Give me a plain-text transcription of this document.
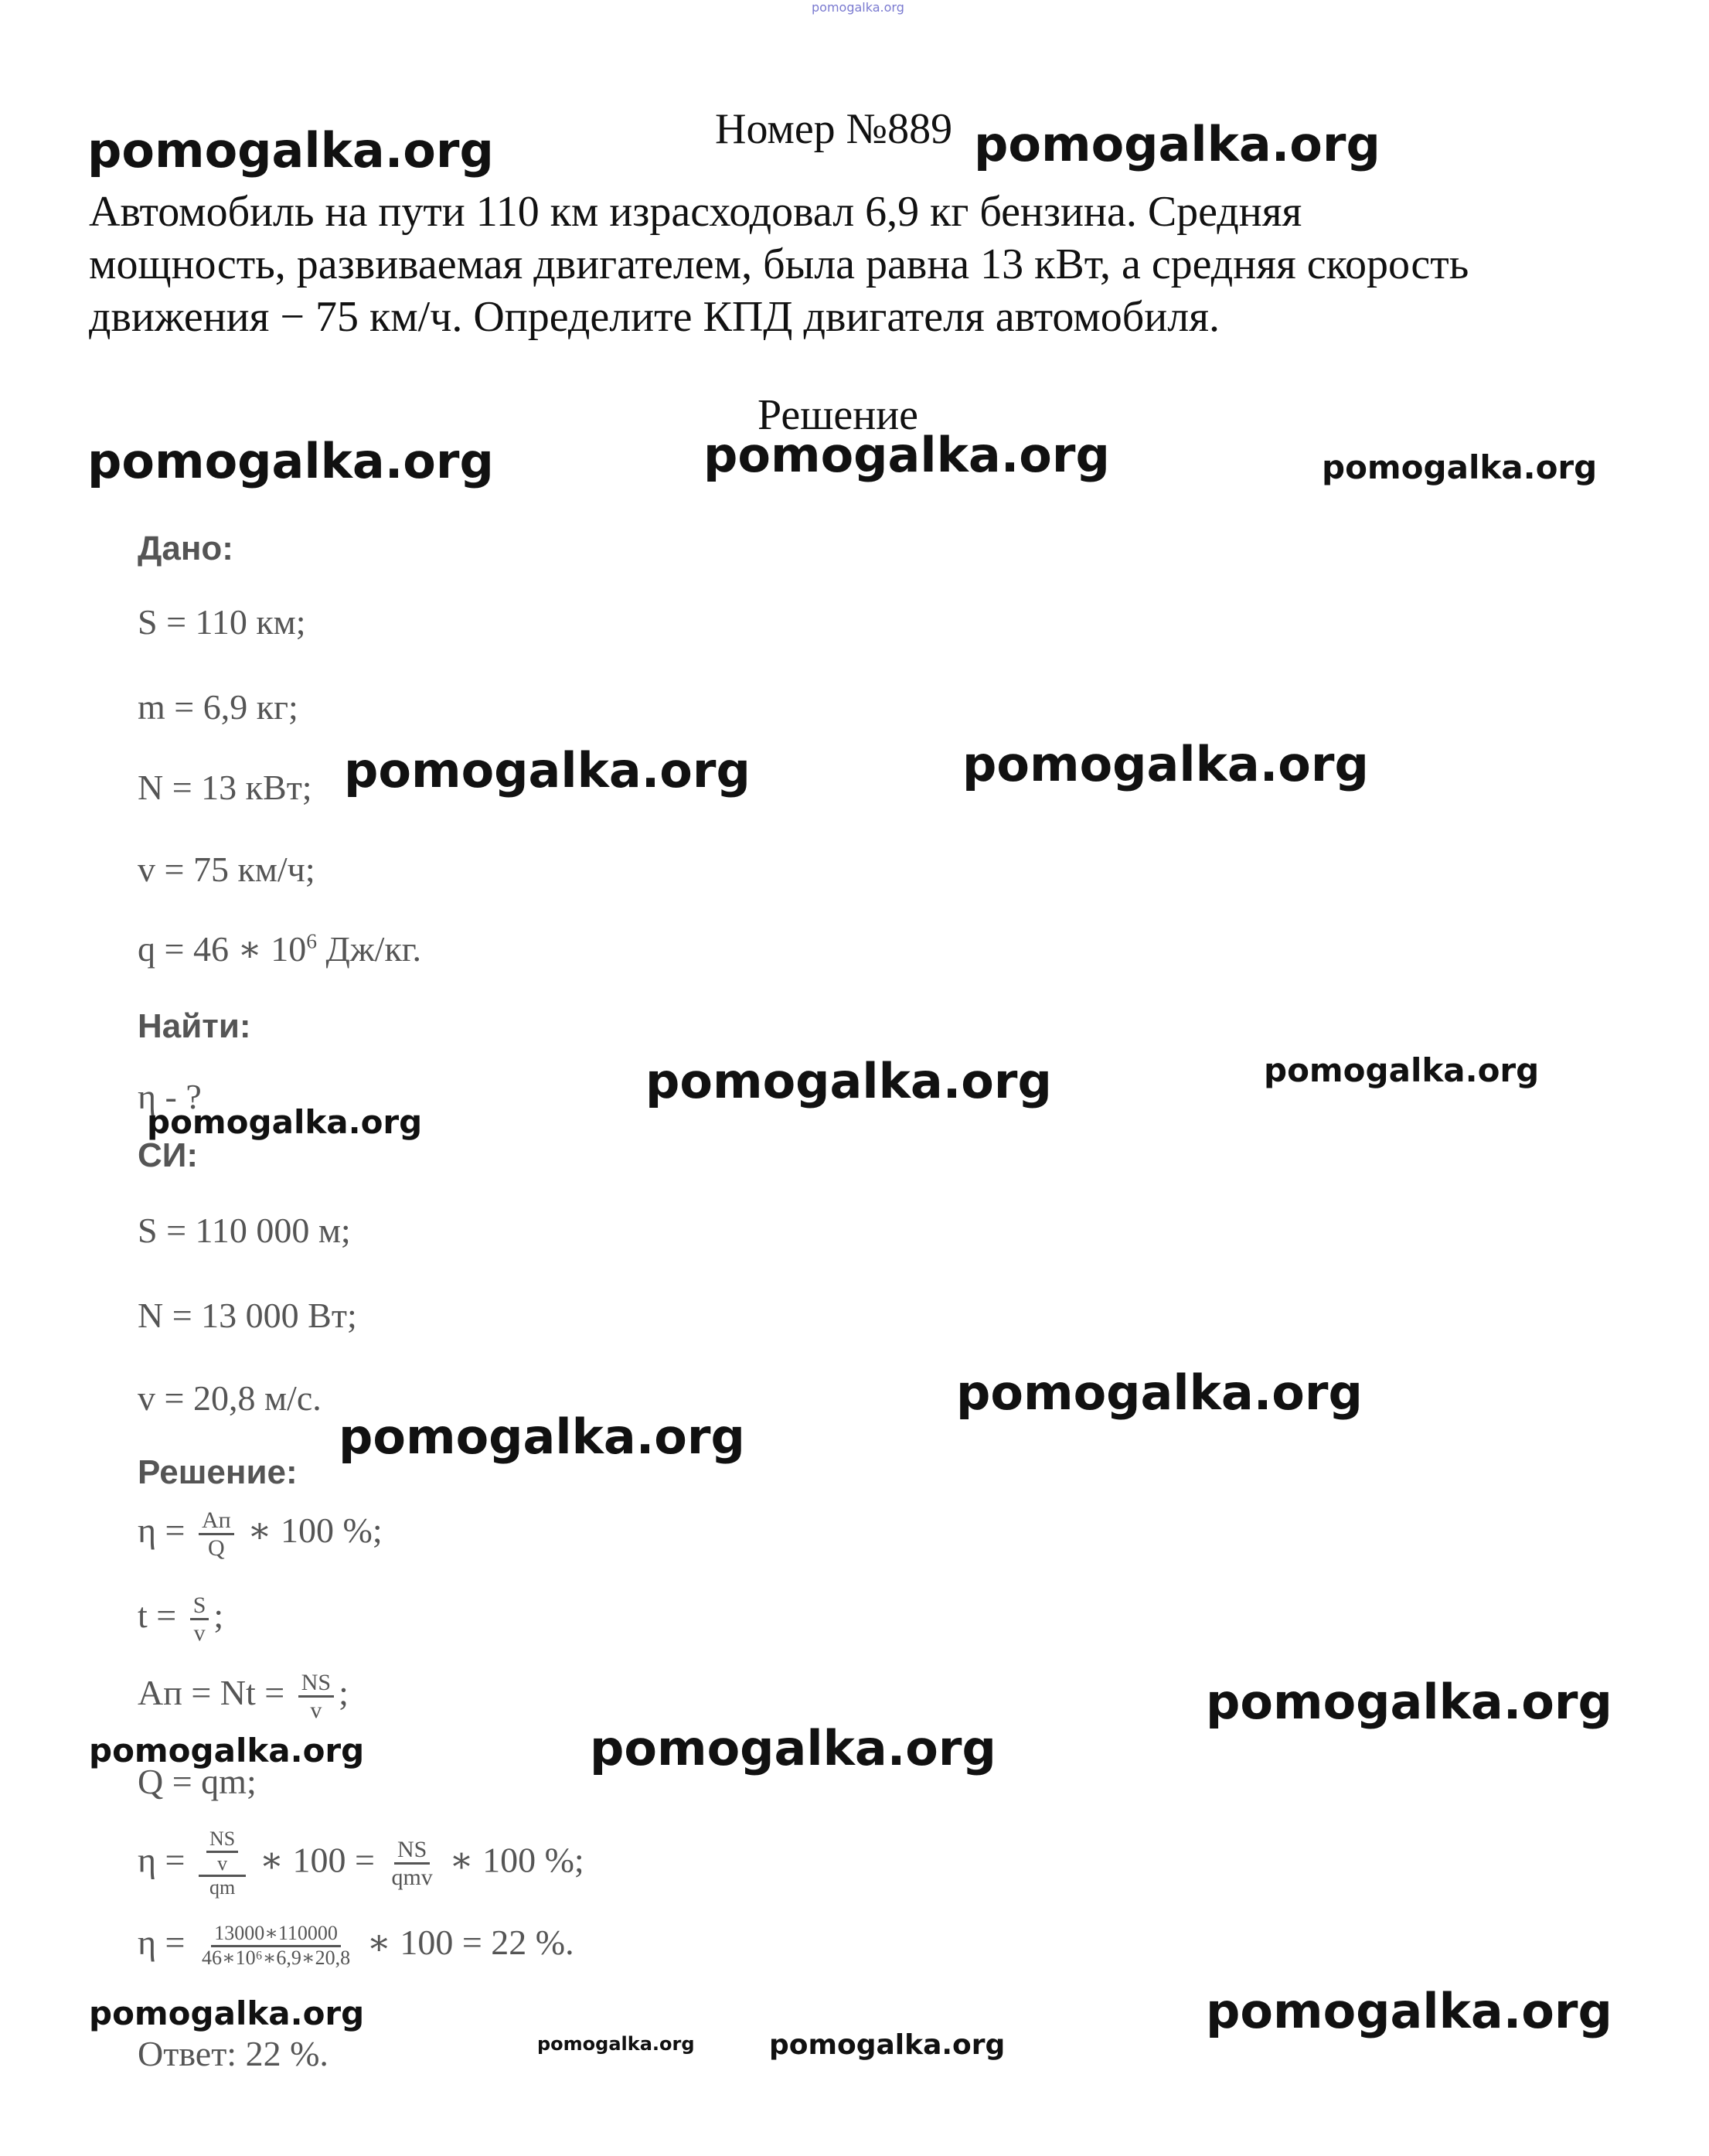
pomogalka.org
Номер №889

Автомобиль на пути 110 км израсходовал 6,9 кг бензина. Средняя

мощность, развиваемая двигателем, была равна 13 кВт, а средняя скорость

движения − 75 км/ч. Определите КПД двигателя автомобиля.

Решение
Дано:
S = 110 км;
m = 6,9 кг;
N = 13 кВт;
v = 75 км/ч;
q = 46 ∗ $10^6$ Дж/кг.
Найти:
η - ?
СИ:
S = 110 000 м;
N = 13 000 Вт;
v = 20,8 м/с.
Решение:
$\eta = \frac{Aп}{Q}$ ∗ 100 %;
$t = \frac{S}{v}$ ;
Aп = $Nt = \frac{NS}{v}$ ;
Q = qm;
$\eta = \frac{\frac{NS}{v}}{qm}$ ∗ $100 = \frac{NS}{\text{qmv}}$ ∗ 100 %;
$\eta = \frac{13000∗110000}{\text{46∗10⁶∗6,9∗20,8}}$ ∗ 100 = 22 %.
Ответ: 22 %.
pomogalka.org	pomogalka.org
pomogalka.org	pomogalka.org	pomogalka.org
pomogalka.org	pomogalka.org
pomogalka.org	pomogalka.org
pomogalka.org
pomogalka.org
pomogalka.org
pomogalka.org
pomogalka.org	pomogalka.org
pomogalka.org	pomogalka.org
pomogalka.org	pomogalka.org
